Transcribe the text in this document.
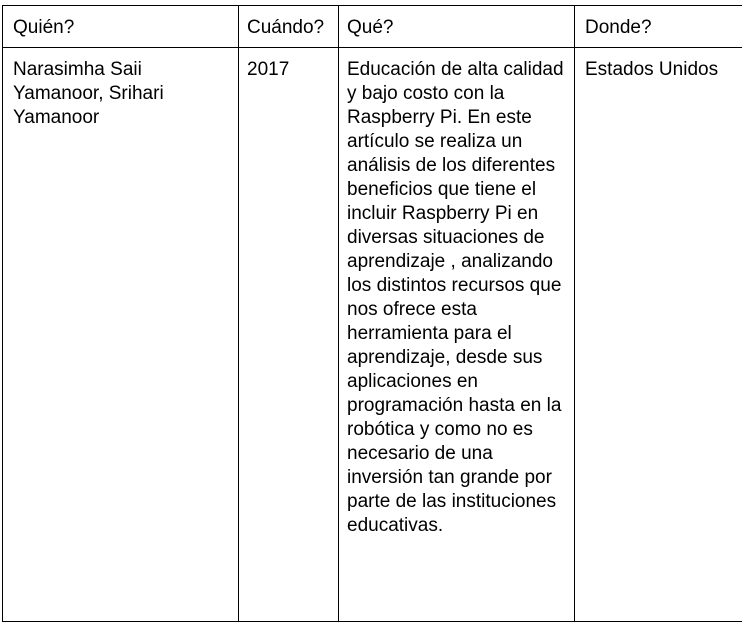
Quién?	Cuándo?	Qué?	Donde?

Narasimha Saii Yamanoor, Srihari Yamanoor	2017	Educación de alta calidad y bajo costo con la Raspberry Pi. En este artículo se realiza un análisis de los diferentes beneficios que tiene el incluir Raspberry Pi en diversas situaciones de aprendizaje , analizando los distintos recursos que nos ofrece esta herramienta para el aprendizaje, desde sus aplicaciones en programación hasta en la robótica y como no es necesario de una inversión tan grande por parte de las instituciones educativas.	Estados Unidos
